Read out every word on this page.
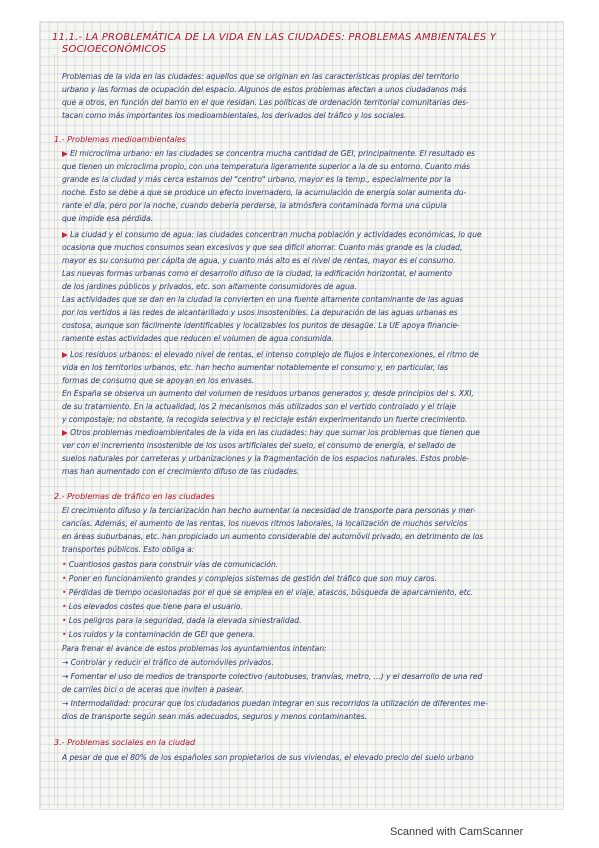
11.1.- LA PROBLEMÁTICA DE LA VIDA EN LAS CIUDADES: PROBLEMAS AMBIENTALES Y
SOCIOECONÓMICOS
Problemas de la vida en las ciudades: aquellos que se originan en las características propias del territorio
urbano y las formas de ocupación del espacio. Algunos de estos problemas afectan a unos ciudadanos más
que a otros, en función del barrio en el que residan. Las políticas de ordenación territorial comunitarias des-
tacan como más importantes los medioambientales, los derivados del tráfico y los sociales.
1.- Problemas medioambientales
▶ El microclima urbano: en las ciudades se concentra mucha cantidad de GEI, principalmente. El resultado es
que tienen un microclima propio, con una temperatura ligeramente superior a la de su entorno. Cuanto más
grande es la ciudad y más cerca estamos del "centro" urbano, mayor es la temp., especialmente por la
noche. Esto se debe a que se produce un efecto invernadero, la acumulación de energía solar aumenta du-
rante el día, pero por la noche, cuando debería perderse, la atmósfera contaminada forma una cúpula
que impide esa pérdida.
▶ La ciudad y el consumo de agua: las ciudades concentran mucha población y actividades económicas, lo que
ocasiona que muchos consumos sean excesivos y que sea difícil ahorrar. Cuanto más grande es la ciudad,
mayor es su consumo per cápita de agua, y cuanto más alto es el nivel de rentas, mayor es el consumo.
Las nuevas formas urbanas como el desarrollo difuso de la ciudad, la edificación horizontal, el aumento
de los jardines públicos y privados, etc. son altamente consumidores de agua.
Las actividades que se dan en la ciudad la convierten en una fuente altamente contaminante de las aguas
por los vertidos a las redes de alcantarillado y usos insostenibles. La depuración de las aguas urbanas es
costosa, aunque son fácilmente identificables y localizables los puntos de desagüe. La UE apoya financie-
ramente estas actividades que reducen el volumen de agua consumida.
▶ Los residuos urbanos: el elevado nivel de rentas, el intenso complejo de flujos e interconexiones, el ritmo de
vida en los territorios urbanos, etc. han hecho aumentar notablemente el consumo y, en particular, las
formas de consumo que se apoyan en los envases.
En España se observa un aumento del volumen de residuos urbanos generados y, desde principios del s. XXI,
de su tratamiento. En la actualidad, los 2 mecanismos más utilizados son el vertido controlado y el triaje
y compostaje; no obstante, la recogida selectiva y el reciclaje están experimentando un fuerte crecimiento.
▶ Otros problemas medioambientales de la vida en las ciudades: hay que sumar los problemas que tienen que
ver con el incremento insostenible de los usos artificiales del suelo, el consumo de energía, el sellado de
suelos naturales por carreteras y urbanizaciones y la fragmentación de los espacios naturales. Estos proble-
mas han aumentado con el crecimiento difuso de las ciudades.
2.- Problemas de tráfico en las ciudades
El crecimiento difuso y la terciarización han hecho aumentar la necesidad de transporte para personas y mer-
cancías. Además, el aumento de las rentas, los nuevos ritmos laborales, la localización de muchos servicios
en áreas suburbanas, etc. han propiciado un aumento considerable del automóvil privado, en detrimento de los
transportes públicos. Esto obliga a:
• Cuantiosos gastos para construir vías de comunicación.
• Poner en funcionamiento grandes y complejos sistemas de gestión del tráfico que son muy caros.
• Pérdidas de tiempo ocasionadas por el que se emplea en el viaje, atascos, búsqueda de aparcamiento, etc.
• Los elevados costes que tiene para el usuario.
• Los peligros para la seguridad, dada la elevada siniestralidad.
• Los ruidos y la contaminación de GEI que genera.
Para frenar el avance de estos problemas los ayuntamientos intentan:
→ Controlar y reducir el tráfico de automóviles privados.
→ Fomentar el uso de medios de transporte colectivo (autobuses, tranvías, metro, ...) y el desarrollo de una red
de carriles bici o de aceras que inviten a pasear.
→ Intermodalidad: procurar que los ciudadanos puedan integrar en sus recorridos la utilización de diferentes me-
dios de transporte según sean más adecuados, seguros y menos contaminantes.
3.- Problemas sociales en la ciudad
A pesar de que el 80% de los españoles son propietarios de sus viviendas, el elevado precio del suelo urbano
Scanned with CamScanner
